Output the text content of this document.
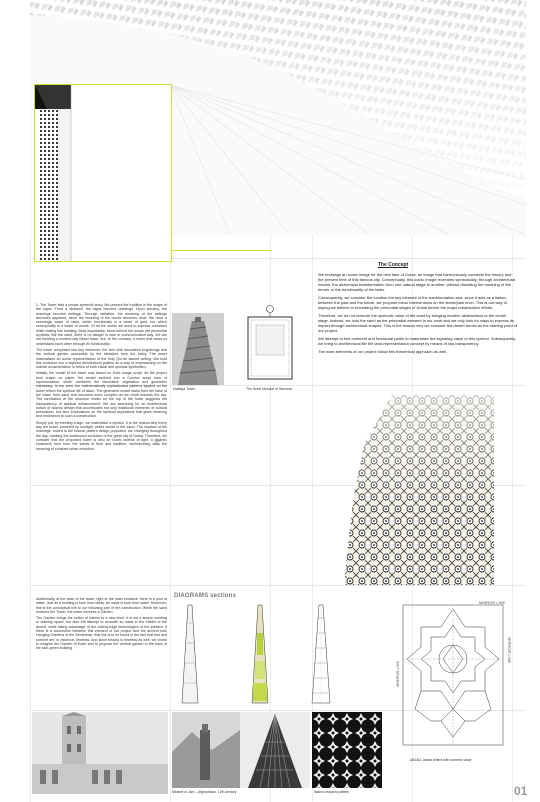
1. The Tower tells a simple symbolic story. We present the tradition in the shape of the signs. From a distance, the signs become drawings. Upon scrutiny, the drawings become writings. Through visitation, the meaning of the writings becomes apparent, since the meaning of the words becomes clear. We have a seemingly tower of sand, which functionally is a tower of gold, but which conceptually is a tower of words. Of all the words we need to express ourselves while visiting this building. Most importantly, since behind the words are primordial symbols, like the sand, there is no danger to lose or communication way. We are not building a modern-day Babel tower, but, to the contrary, a tower that helps us understand each other through its functionality.

The tower comprises two key elements: the skin with decorative engravings and the vertical garden accessible by the elevators from the lobby. The tower materializes an iconic representation of the Holy Qur'an sacred writing. We hold this evolution into a stylized architectural pattern as a way of emphasizing on the Islamic ornamentation in terms of both visual and spiritual symbolism.

Initially, the model of the tower was based on Kufic image script. As the project took shape on paper, the model evolved into a Cursive script form of representation, which combines the decorative vegetation and geometric interlacing. In our view, the mathematically sophisticated patterns applied on the tower reflect the spiritual life of Islam. The geometric model starts from the base of the tower from sand and becomes more complex as we climb towards the sky. The rarefaction of the structure model on the top of the tower suggests the transparency of spiritual enhancement. We are searching for an architectural notion of Islamic design that accentuates not only traditional elements of cultural persuasion, but also emphasizes on the spiritual aspirations that gives meaning and endurance to such a construction.

Simply put, by erecting a sign, we materialize a symbol. It is the reason why every day the tower, powered by sunlight, writes words in the sand. The shadow of the markings, rooted in the Islamic pattern design proposed, are changing throughout the day, marking the continuous evolution of the great city of Dubai. Therefore, we consider that the proposed tower is also an iconic obelisk of light, a gigantic clockwork born from the sands of time and tradition, reinterpreting daily the meaning of constant urban evolution.

Additionally, at the base of the tower, right at the main entrance, there is a pool of water. Just as a building is born from ideas, an oasis is born from water. Moreover, this is the conceptual link to our following part of the construction. While the sand nurtures the Tower, the water nurtures a Garden.

The Garden brings the notion of interior to a new level. It is not a simple meeting or walking space, but also the attempt to recreate an oasis in the middle of the desert, while taking advantage of the cutting-edge technologies of the present. If there is a connection between this element of our project and the ancient lush Hanging Gardens of the Semiramis, that link is to be found in the fact that rest and comfort are, in essence, timeless. And since beauty is timeless as well, we chose to imagine the Garden of Eden and to propose the vertical garden in the back of the skin-green building.

Malwiya Tower	The Great Mosque of Samarra
The Concept

We envisage an iconic image for the new face of Dubai, an image that harmoniously connects the history and the present time of this famous city. Conceptually, this iconic image recreates symbolically, through architectural means, the alchemical transformation from one natural stage to another, without distorting the meaning of the former or the functionality of the latter.

Consequently, we consider the location the key element of the transformation and, since it acts as a liaison between the past and the future, we propose minor interventions on the street/park level. This is our way of saying we believe in recreating the primordial stages of Dubai before the major urbanization efforts.

Therefore, we do not obscure the symbolic value of the sand by bringing modern abstractions to the center stage. Instead, we hold the sand as the primordial element in our work and we only look for ways to express its impact through architectural shapes. This is the reason why we consider the desert dunes as the starting point of our project.

We attempt to find coherent and functional paths to materialize the signaling value of this symbol. Subsequently, we bring to architectural life the land-representation concept by means of sky-transparency.

The main elements of our project follow this theoretical approach as well.

DIAGRAMS sections
MIRROR LINE
MIRROR LINE
MIRROR LINE
ABJAD- arabic letters with numeric value
Minaret of Jam – Afghanistan, 12th century	Islamic morphic pattern	01
